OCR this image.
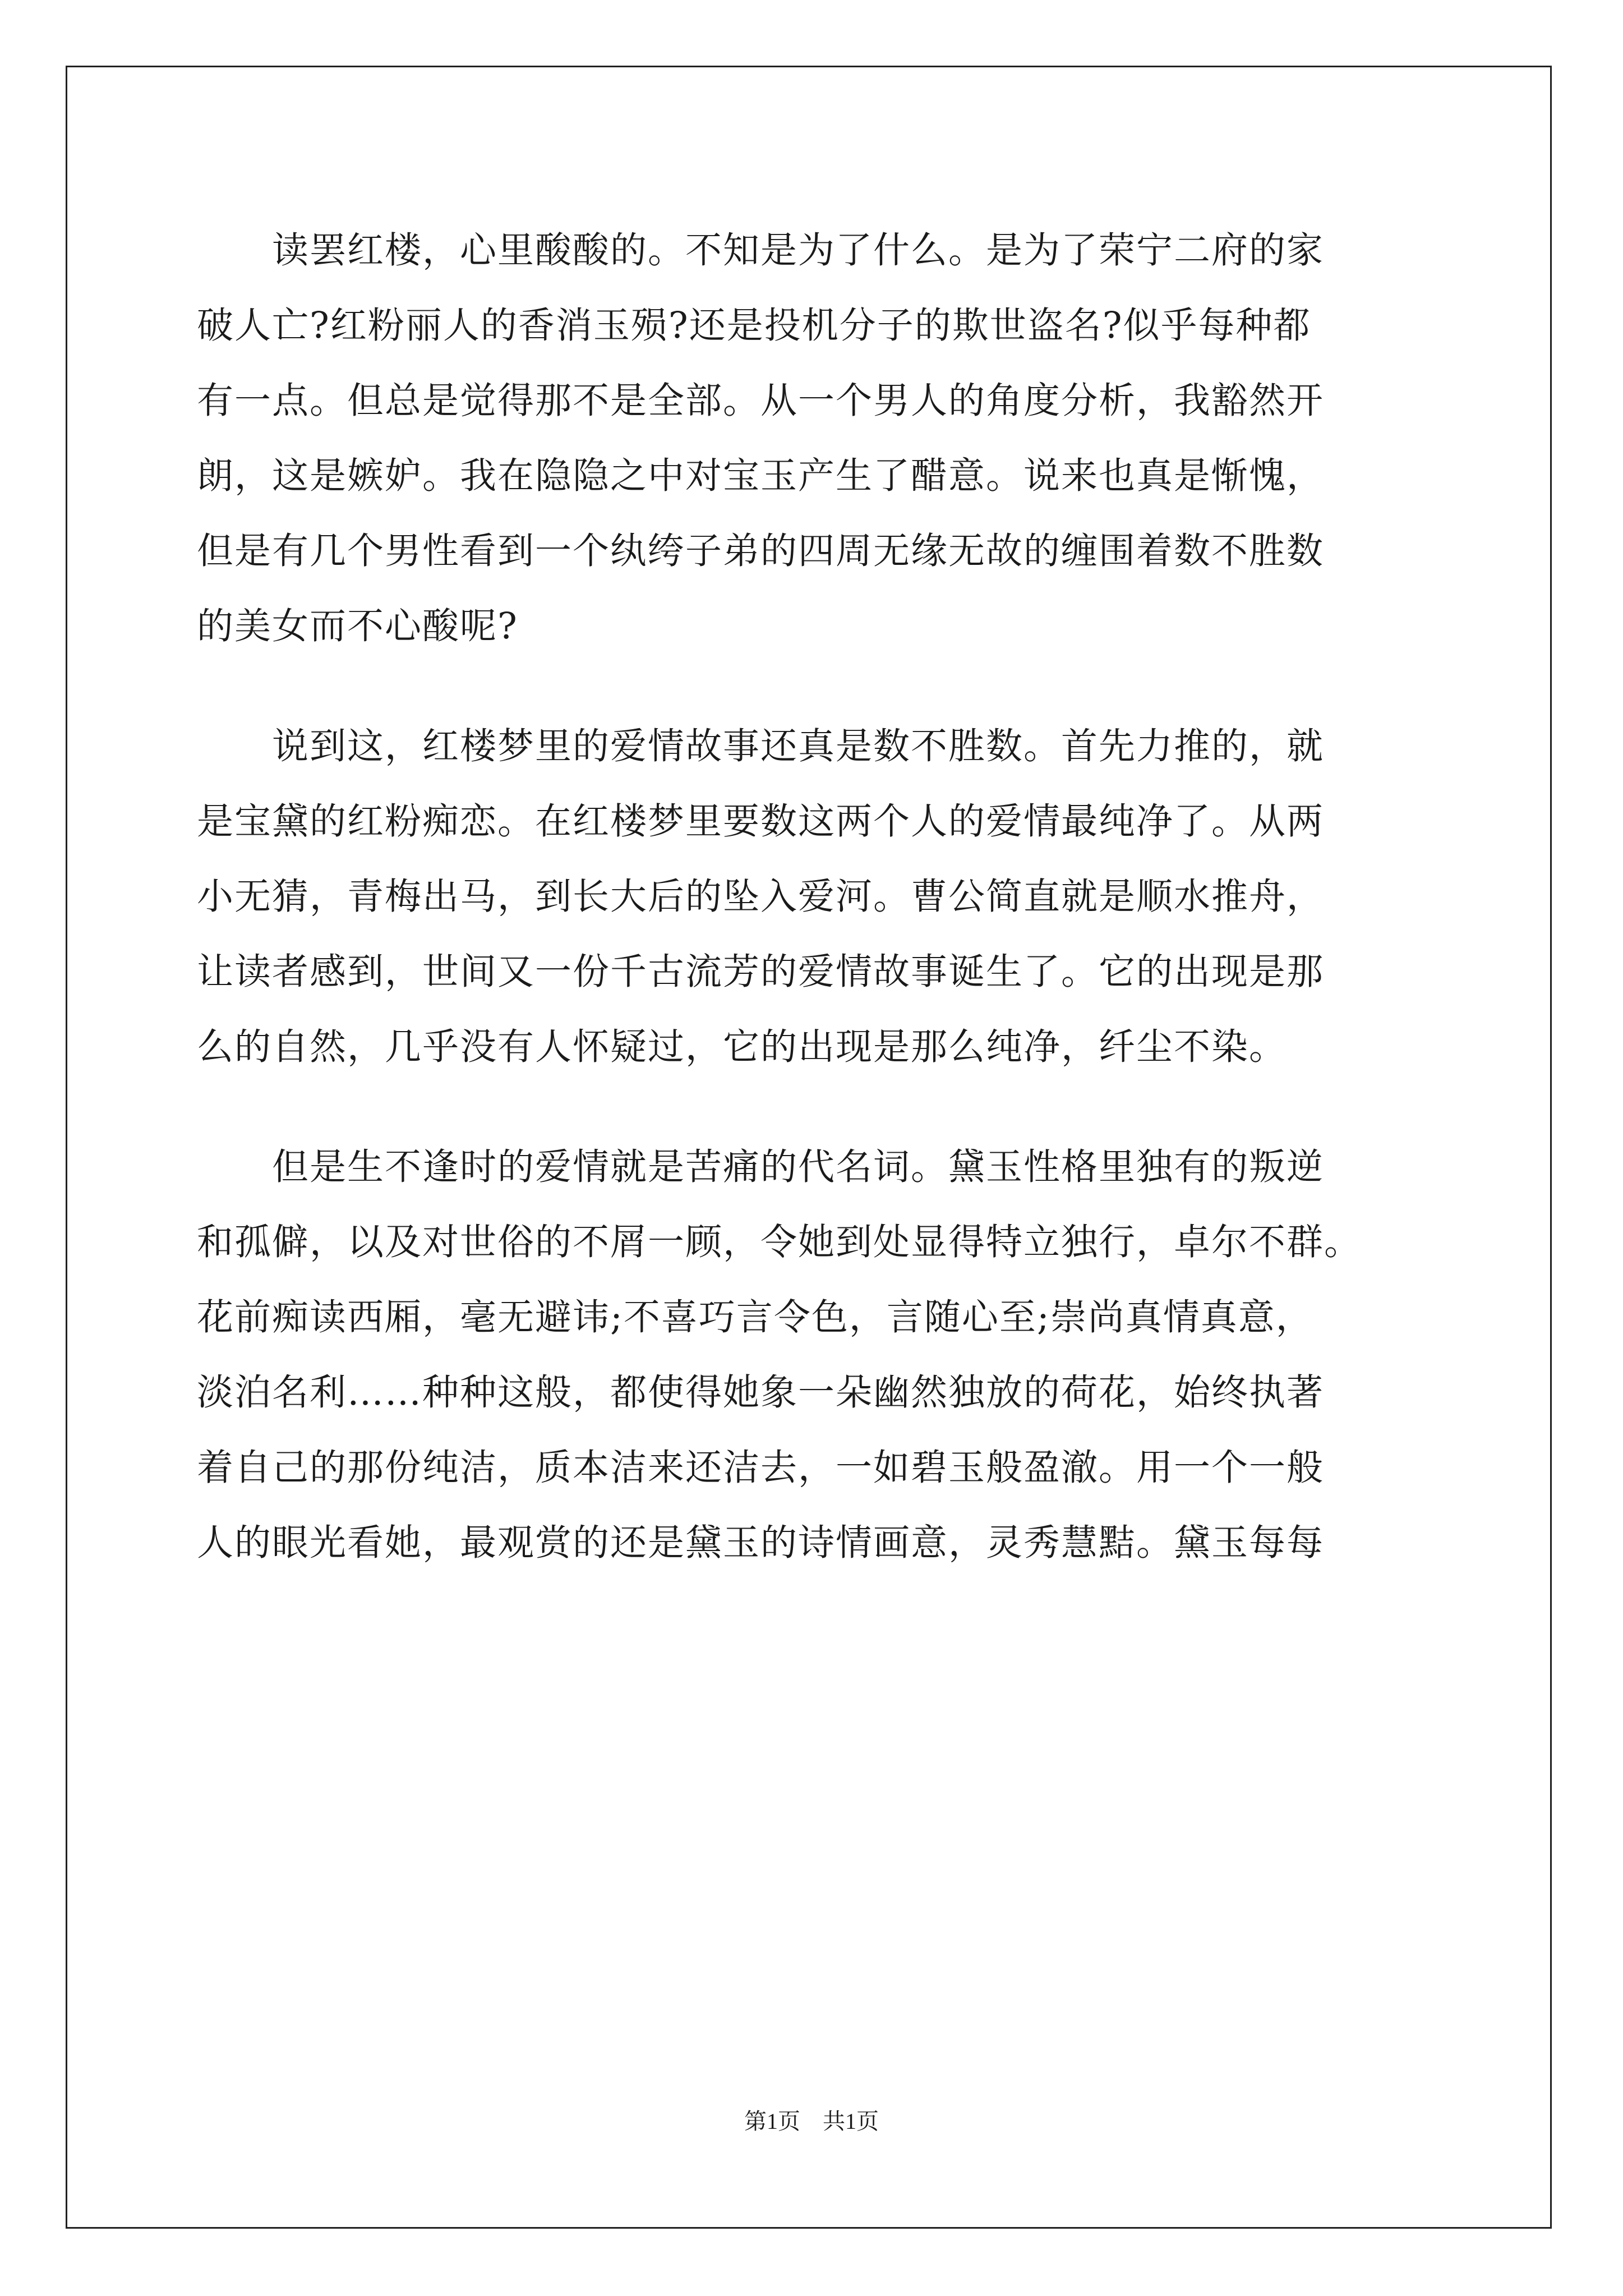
　　读罢红楼，心里酸酸的。不知是为了什么。是为了荣宁二府的家

破人亡?红粉丽人的香消玉殒?还是投机分子的欺世盗名?似乎每种都

有一点。但总是觉得那不是全部。从一个男人的角度分析，我豁然开

朗，这是嫉妒。我在隐隐之中对宝玉产生了醋意。说来也真是惭愧，

但是有几个男性看到一个纨绔子弟的四周无缘无故的缠围着数不胜数

的美女而不心酸呢?

　　说到这，红楼梦里的爱情故事还真是数不胜数。首先力推的，就

是宝黛的红粉痴恋。在红楼梦里要数这两个人的爱情最纯净了。从两

小无猜，青梅出马，到长大后的坠入爱河。曹公简直就是顺水推舟，

让读者感到，世间又一份千古流芳的爱情故事诞生了。它的出现是那

么的自然，几乎没有人怀疑过，它的出现是那么纯净，纤尘不染。

　　但是生不逢时的爱情就是苦痛的代名词。黛玉性格里独有的叛逆

和孤僻，以及对世俗的不屑一顾，令她到处显得特立独行，卓尔不群。

花前痴读西厢，毫无避讳;不喜巧言令色，言随心至;崇尚真情真意，

淡泊名利……种种这般，都使得她象一朵幽然独放的荷花，始终执著

着自己的那份纯洁，质本洁来还洁去，一如碧玉般盈澈。用一个一般

人的眼光看她，最观赏的还是黛玉的诗情画意，灵秀慧黠。黛玉每每

第1页 共1页
